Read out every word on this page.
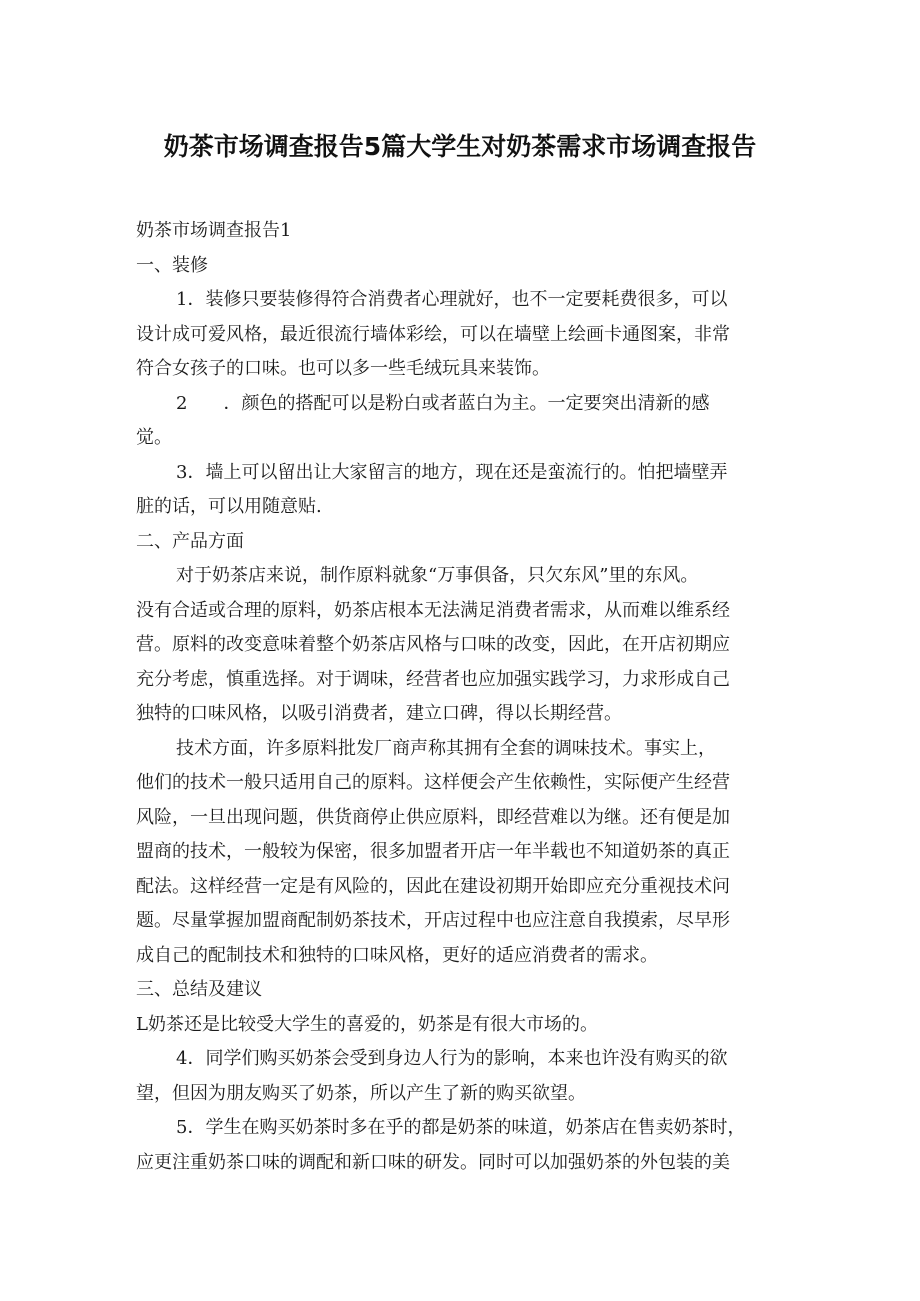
奶茶市场调查报告5篇大学生对奶茶需求市场调查报告

奶茶市场调查报告1

一、装修

1．装修只要装修得符合消费者心理就好，也不一定要耗费很多，可以
设计成可爱风格，最近很流行墙体彩绘，可以在墙壁上绘画卡通图案，非常
符合女孩子的口味。也可以多一些毛绒玩具来装饰。

2　　．颜色的搭配可以是粉白或者蓝白为主。一定要突出清新的感
觉。

3．墙上可以留出让大家留言的地方，现在还是蛮流行的。怕把墙壁弄
脏的话，可以用随意贴.

二、产品方面

对于奶茶店来说，制作原料就象“万事俱备，只欠东风”里的东风。
没有合适或合理的原料，奶茶店根本无法满足消费者需求，从而难以维系经
营。原料的改变意味着整个奶茶店风格与口味的改变，因此，在开店初期应
充分考虑，慎重选择。对于调味，经营者也应加强实践学习，力求形成自己
独特的口味风格，以吸引消费者，建立口碑，得以长期经营。

技术方面，许多原料批发厂商声称其拥有全套的调味技术。事实上，
他们的技术一般只适用自己的原料。这样便会产生依赖性，实际便产生经营
风险，一旦出现问题，供货商停止供应原料，即经营难以为继。还有便是加
盟商的技术，一般较为保密，很多加盟者开店一年半载也不知道奶茶的真正
配法。这样经营一定是有风险的，因此在建设初期开始即应充分重视技术问
题。尽量掌握加盟商配制奶茶技术，开店过程中也应注意自我摸索，尽早形
成自己的配制技术和独特的口味风格，更好的适应消费者的需求。

三、总结及建议

L奶茶还是比较受大学生的喜爱的，奶茶是有很大市场的。

4．同学们购买奶茶会受到身边人行为的影响，本来也许没有购买的欲
望，但因为朋友购买了奶茶，所以产生了新的购买欲望。

5．学生在购买奶茶时多在乎的都是奶茶的味道，奶茶店在售卖奶茶时，
应更注重奶茶口味的调配和新口味的研发。同时可以加强奶茶的外包装的美
